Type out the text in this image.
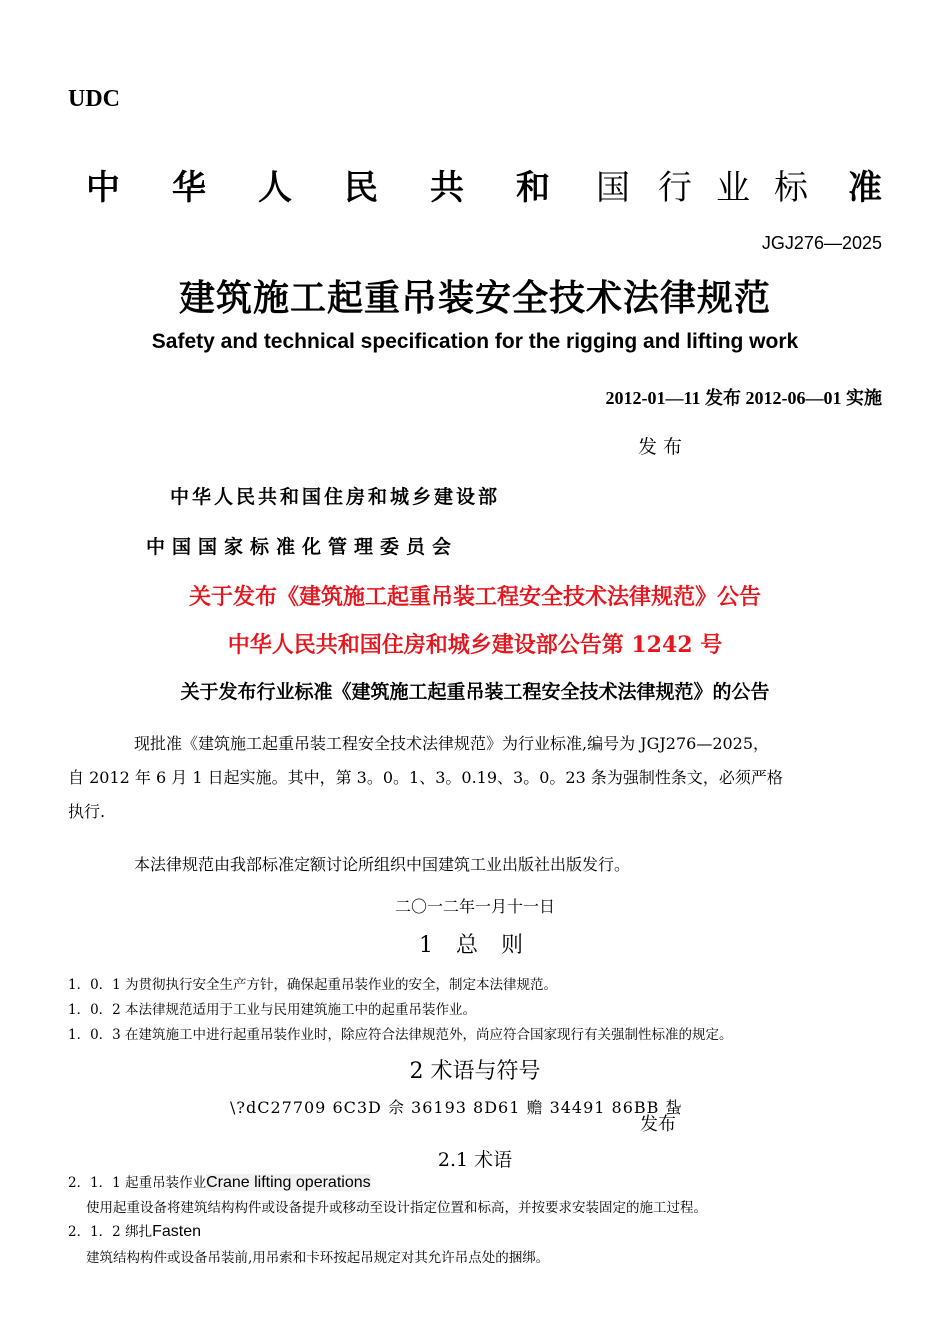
UDC
中 华 人 民 共 和 国 行 业 标 准
JGJ276—2025
建筑施工起重吊装安全技术法律规范
Safety and technical specification for the rigging and lifting work
2012-01—11 发布 2012-06—01 实施
发布
中华人民共和国住房和城乡建设部
中国国家标准化管理委员会
关于发布《建筑施工起重吊装工程安全技术法律规范》公告
中华人民共和国住房和城乡建设部公告第 1242 号
关于发布行业标准《建筑施工起重吊装工程安全技术法律规范》的公告
现批准《建筑施工起重吊装工程安全技术法律规范》为行业标准,编号为 JGJ276—2025，
自 2012 年 6 月 1 日起实施。其中，第 3。0。1、3。0.19、3。0。23 条为强制性条文，必须严格
执行.
本法律规范由我部标准定额讨论所组织中国建筑工业出版社出版发行。
二〇一二年一月十一日
1 总 则
1．0．1 为贯彻执行安全生产方针，确保起重吊装作业的安全，制定本法律规范。
1．0．2 本法律规范适用于工业与民用建筑施工中的起重吊装作业。
1．0．3 在建筑施工中进行起重吊装作业时，除应符合法律规范外，尚应符合国家现行有关强制性标准的规定。
2 术语与符号
\?dC27709 6C3D 佘 36193 8D61 赡 34491 86BB 蚻
发布
2.1 术语
2．1．1 起重吊装作业Crane lifting operations
使用起重设备将建筑结构构件或设备提升或移动至设计指定位置和标高，并按要求安装固定的施工过程。
2．1．2 绑扎Fasten
建筑结构构件或设备吊装前,用吊索和卡环按起吊规定对其允许吊点处的捆绑。
